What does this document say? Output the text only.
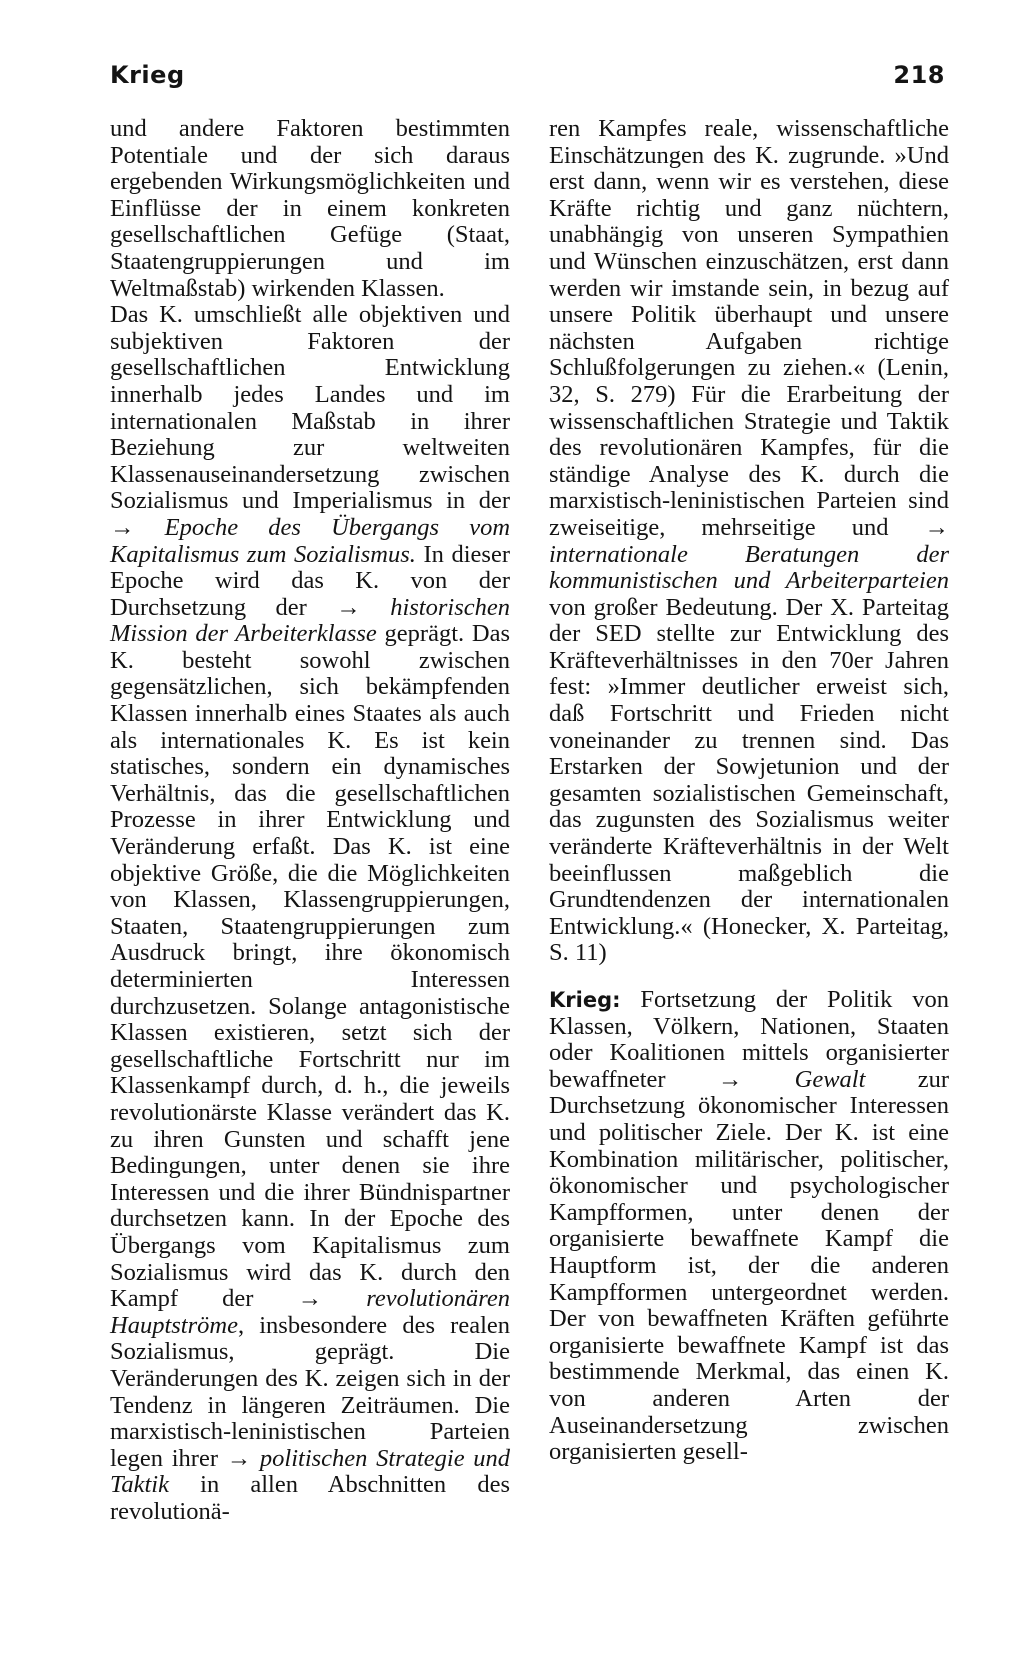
Krieg	218

und andere Faktoren bestimmten Potentiale und der sich daraus ergebenden Wirkungsmöglichkeiten und Einflüsse der in einem konkreten gesellschaftlichen Gefüge (Staat, Staatengruppierungen und im Weltmaßstab) wirkenden Klassen.

Das K. umschließt alle objektiven und subjektiven Faktoren der gesellschaftlichen Entwicklung innerhalb jedes Landes und im internationalen Maßstab in ihrer Beziehung zur weltweiten Klassenauseinandersetzung zwischen Sozialismus und Imperialismus in der → Epoche des Übergangs vom Kapitalismus zum Sozialismus. In dieser Epoche wird das K. von der Durchsetzung der → historischen Mission der Arbeiterklasse geprägt. Das K. besteht sowohl zwischen gegensätzlichen, sich bekämpfenden Klassen innerhalb eines Staates als auch als internationales K. Es ist kein statisches, sondern ein dynamisches Verhältnis, das die gesellschaftlichen Prozesse in ihrer Entwicklung und Veränderung erfaßt. Das K. ist eine objektive Größe, die die Möglichkeiten von Klassen, Klassengruppierungen, Staaten, Staatengruppierungen zum Ausdruck bringt, ihre ökonomisch determinierten Interessen durchzusetzen. Solange antagonistische Klassen existieren, setzt sich der gesellschaftliche Fortschritt nur im Klassenkampf durch, d. h., die jeweils revolutionärste Klasse verändert das K. zu ihren Gunsten und schafft jene Bedingungen, unter denen sie ihre Interessen und die ihrer Bündnispartner durchsetzen kann. In der Epoche des Übergangs vom Kapitalismus zum Sozialismus wird das K. durch den Kampf der → revolutionären Hauptströme, insbesondere des realen Sozialismus, geprägt. Die Veränderungen des K. zeigen sich in der Tendenz in längeren Zeiträumen. Die marxistisch-leninistischen Parteien legen ihrer → politischen Strategie und Taktik in allen Abschnitten des revolutionä-

ren Kampfes reale, wissenschaftliche Einschätzungen des K. zugrunde. »Und erst dann, wenn wir es verstehen, diese Kräfte richtig und ganz nüchtern, unabhängig von unseren Sympathien und Wünschen einzuschätzen, erst dann werden wir imstande sein, in bezug auf unsere Politik überhaupt und unsere nächsten Aufgaben richtige Schlußfolgerungen zu ziehen.« (Lenin, 32, S. 279) Für die Erarbeitung der wissenschaftlichen Strategie und Taktik des revolutionären Kampfes, für die ständige Analyse des K. durch die marxistisch-leninistischen Parteien sind zweiseitige, mehrseitige und → internationale Beratungen der kommunistischen und Arbeiterparteien von großer Bedeutung. Der X. Parteitag der SED stellte zur Entwicklung des Kräfteverhältnisses in den 70er Jahren fest: »Immer deutlicher erweist sich, daß Fortschritt und Frieden nicht voneinander zu trennen sind. Das Erstarken der Sowjetunion und der gesamten sozialistischen Gemeinschaft, das zugunsten des Sozialismus weiter veränderte Kräfteverhältnis in der Welt beeinflussen maßgeblich die Grundtendenzen der internationalen Entwicklung.« (Honecker, X. Parteitag, S. 11)

Krieg: Fortsetzung der Politik von Klassen, Völkern, Nationen, Staaten oder Koalitionen mittels organisierter bewaffneter → Gewalt zur Durchsetzung ökonomischer Interessen und politischer Ziele. Der K. ist eine Kombination militärischer, politischer, ökonomischer und psychologischer Kampfformen, unter denen der organisierte bewaffnete Kampf die Hauptform ist, der die anderen Kampfformen untergeordnet werden. Der von bewaffneten Kräften geführte organisierte bewaffnete Kampf ist das bestimmende Merkmal, das einen K. von anderen Arten der Auseinandersetzung zwischen organisierten gesell-
